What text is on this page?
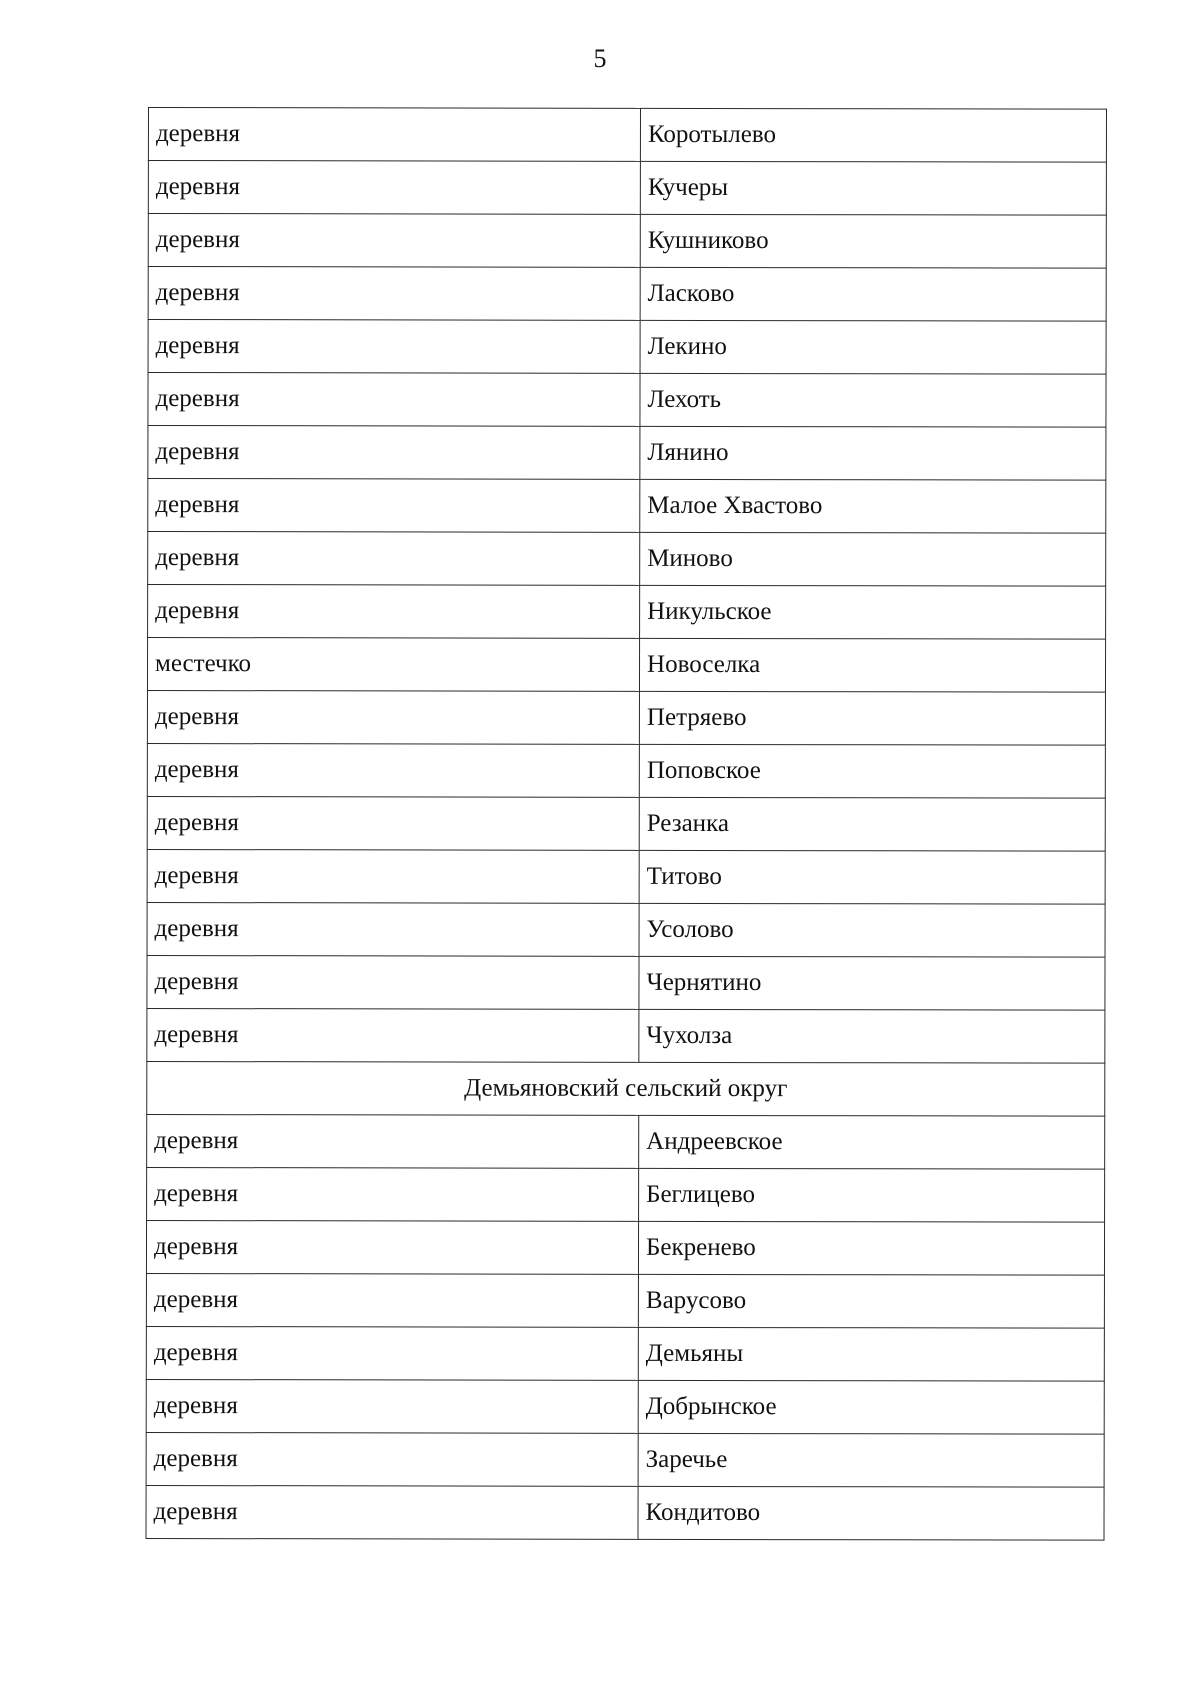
5
деревня	Коротылево
деревня	Кучеры
деревня	Кушниково
деревня	Ласково
деревня	Лекино
деревня	Лехоть
деревня	Лянино
деревня	Малое Хвастово
деревня	Миново
деревня	Никульское
местечко	Новоселка
деревня	Петряево
деревня	Поповское
деревня	Резанка
деревня	Титово
деревня	Усолово
деревня	Чернятино
деревня	Чухолза
Демьяновский сельский округ	
деревня	Андреевское
деревня	Беглицево
деревня	Бекренево
деревня	Варусово
деревня	Демьяны
деревня	Добрынское
деревня	Заречье
деревня	Кондитово
